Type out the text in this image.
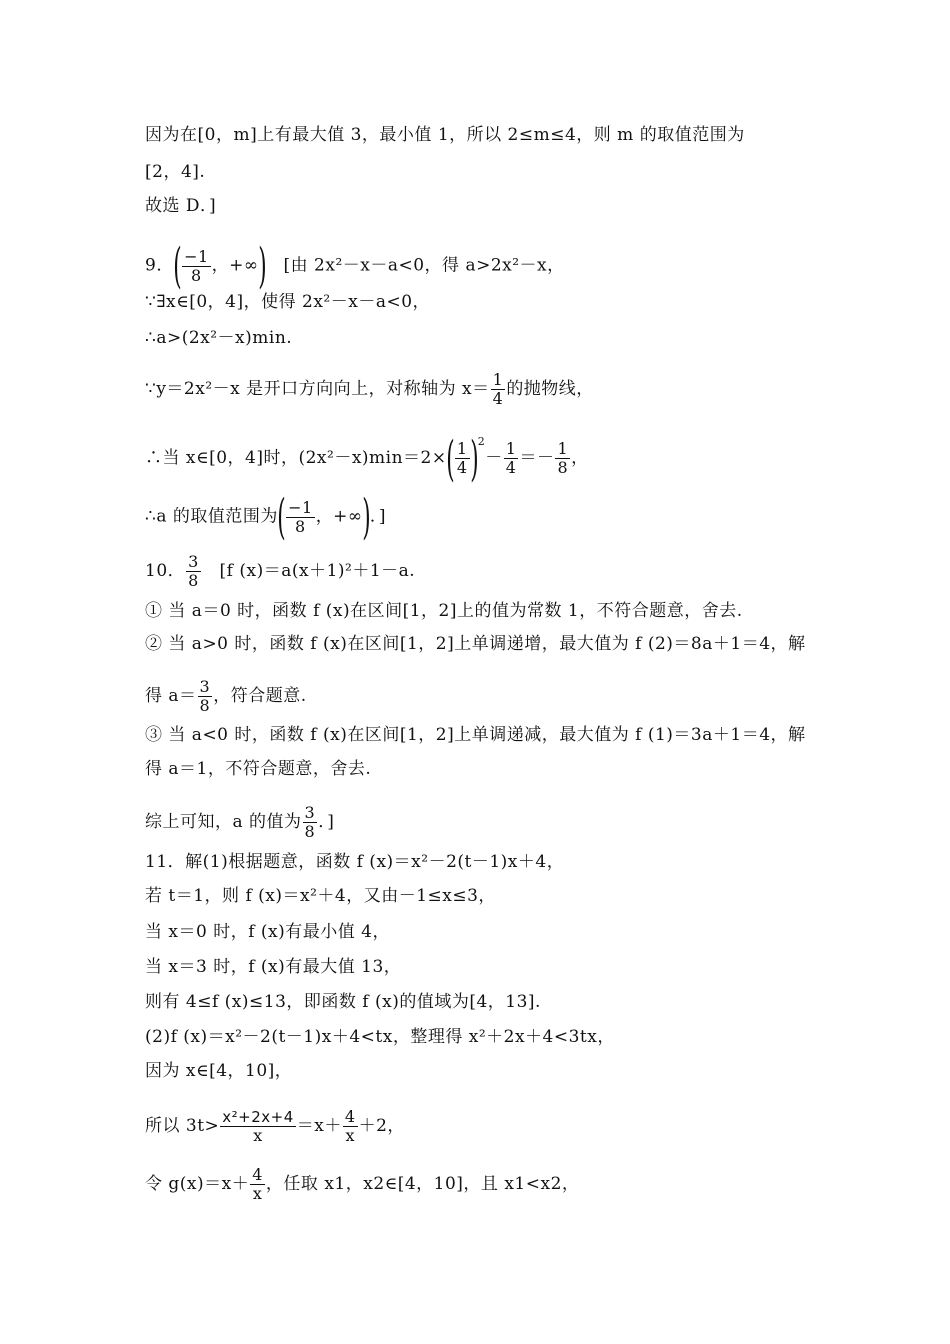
因为在[0，m]上有最大值 3，最小值 1，所以 2≤m≤4，则 m 的取值范围为
[2，4].
故选 D．]
9．( $\frac{-1}{8}$ ，+∞) [由 2x²－x－a<0，得 a>2x²－x，
∵∃x∈[0，4]，使得 2x²－x－a<0，
∴a>(2x²－x)min.
∵y＝2x²－x 是开口方向向上，对称轴为 $x= \frac{1}{4}$ 的抛物线，
∴当 x∈[0，4]时，$(2x^2-x)\min=2\times( \frac{1}{4} )^2- \frac{1}{4} =- \frac{1}{8}$ ，
∴a 的取值范围为( $\frac{-1}{8}$ ，+∞)．]
10． $\frac{3}{8} [f$ (x)＝a(x＋1)²＋1－a.
① 当 a＝0 时，函数 f (x)在区间[1，2]上的值为常数 1，不符合题意，舍去.
② 当 a>0 时，函数 f (x)在区间[1，2]上单调递增，最大值为 f (2)＝8a＋1＝4，解
得 $a= \frac{3}{8}$ ，符合题意.
③ 当 a<0 时，函数 f (x)在区间[1，2]上单调递减，最大值为 f (1)＝3a＋1＝4，解
得 a＝1，不符合题意，舍去.
综上可知，a 的值为 $\frac{3}{8}$ ．]
11．解(1)根据题意，函数 f (x)＝x²－2(t－1)x＋4，
若 t＝1，则 f (x)＝x²＋4，又由－1≤x≤3，
当 x＝0 时，f (x)有最小值 4，
当 x＝3 时，f (x)有最大值 13，
则有 4≤f (x)≤13，即函数 f (x)的值域为[4，13].
(2)f (x)＝x²－2(t－1)x＋4<tx，整理得 x²＋2x＋4<3tx，
因为 x∈[4，10]，
所以 $3t> \frac{\text{x²+2x+4}}{x} =x+ \frac{4}{x} +2$，
令 $g(x)=x+ \frac{4}{x}$ ，任取 x1，x2∈[4，10]，且 x1<x2，
